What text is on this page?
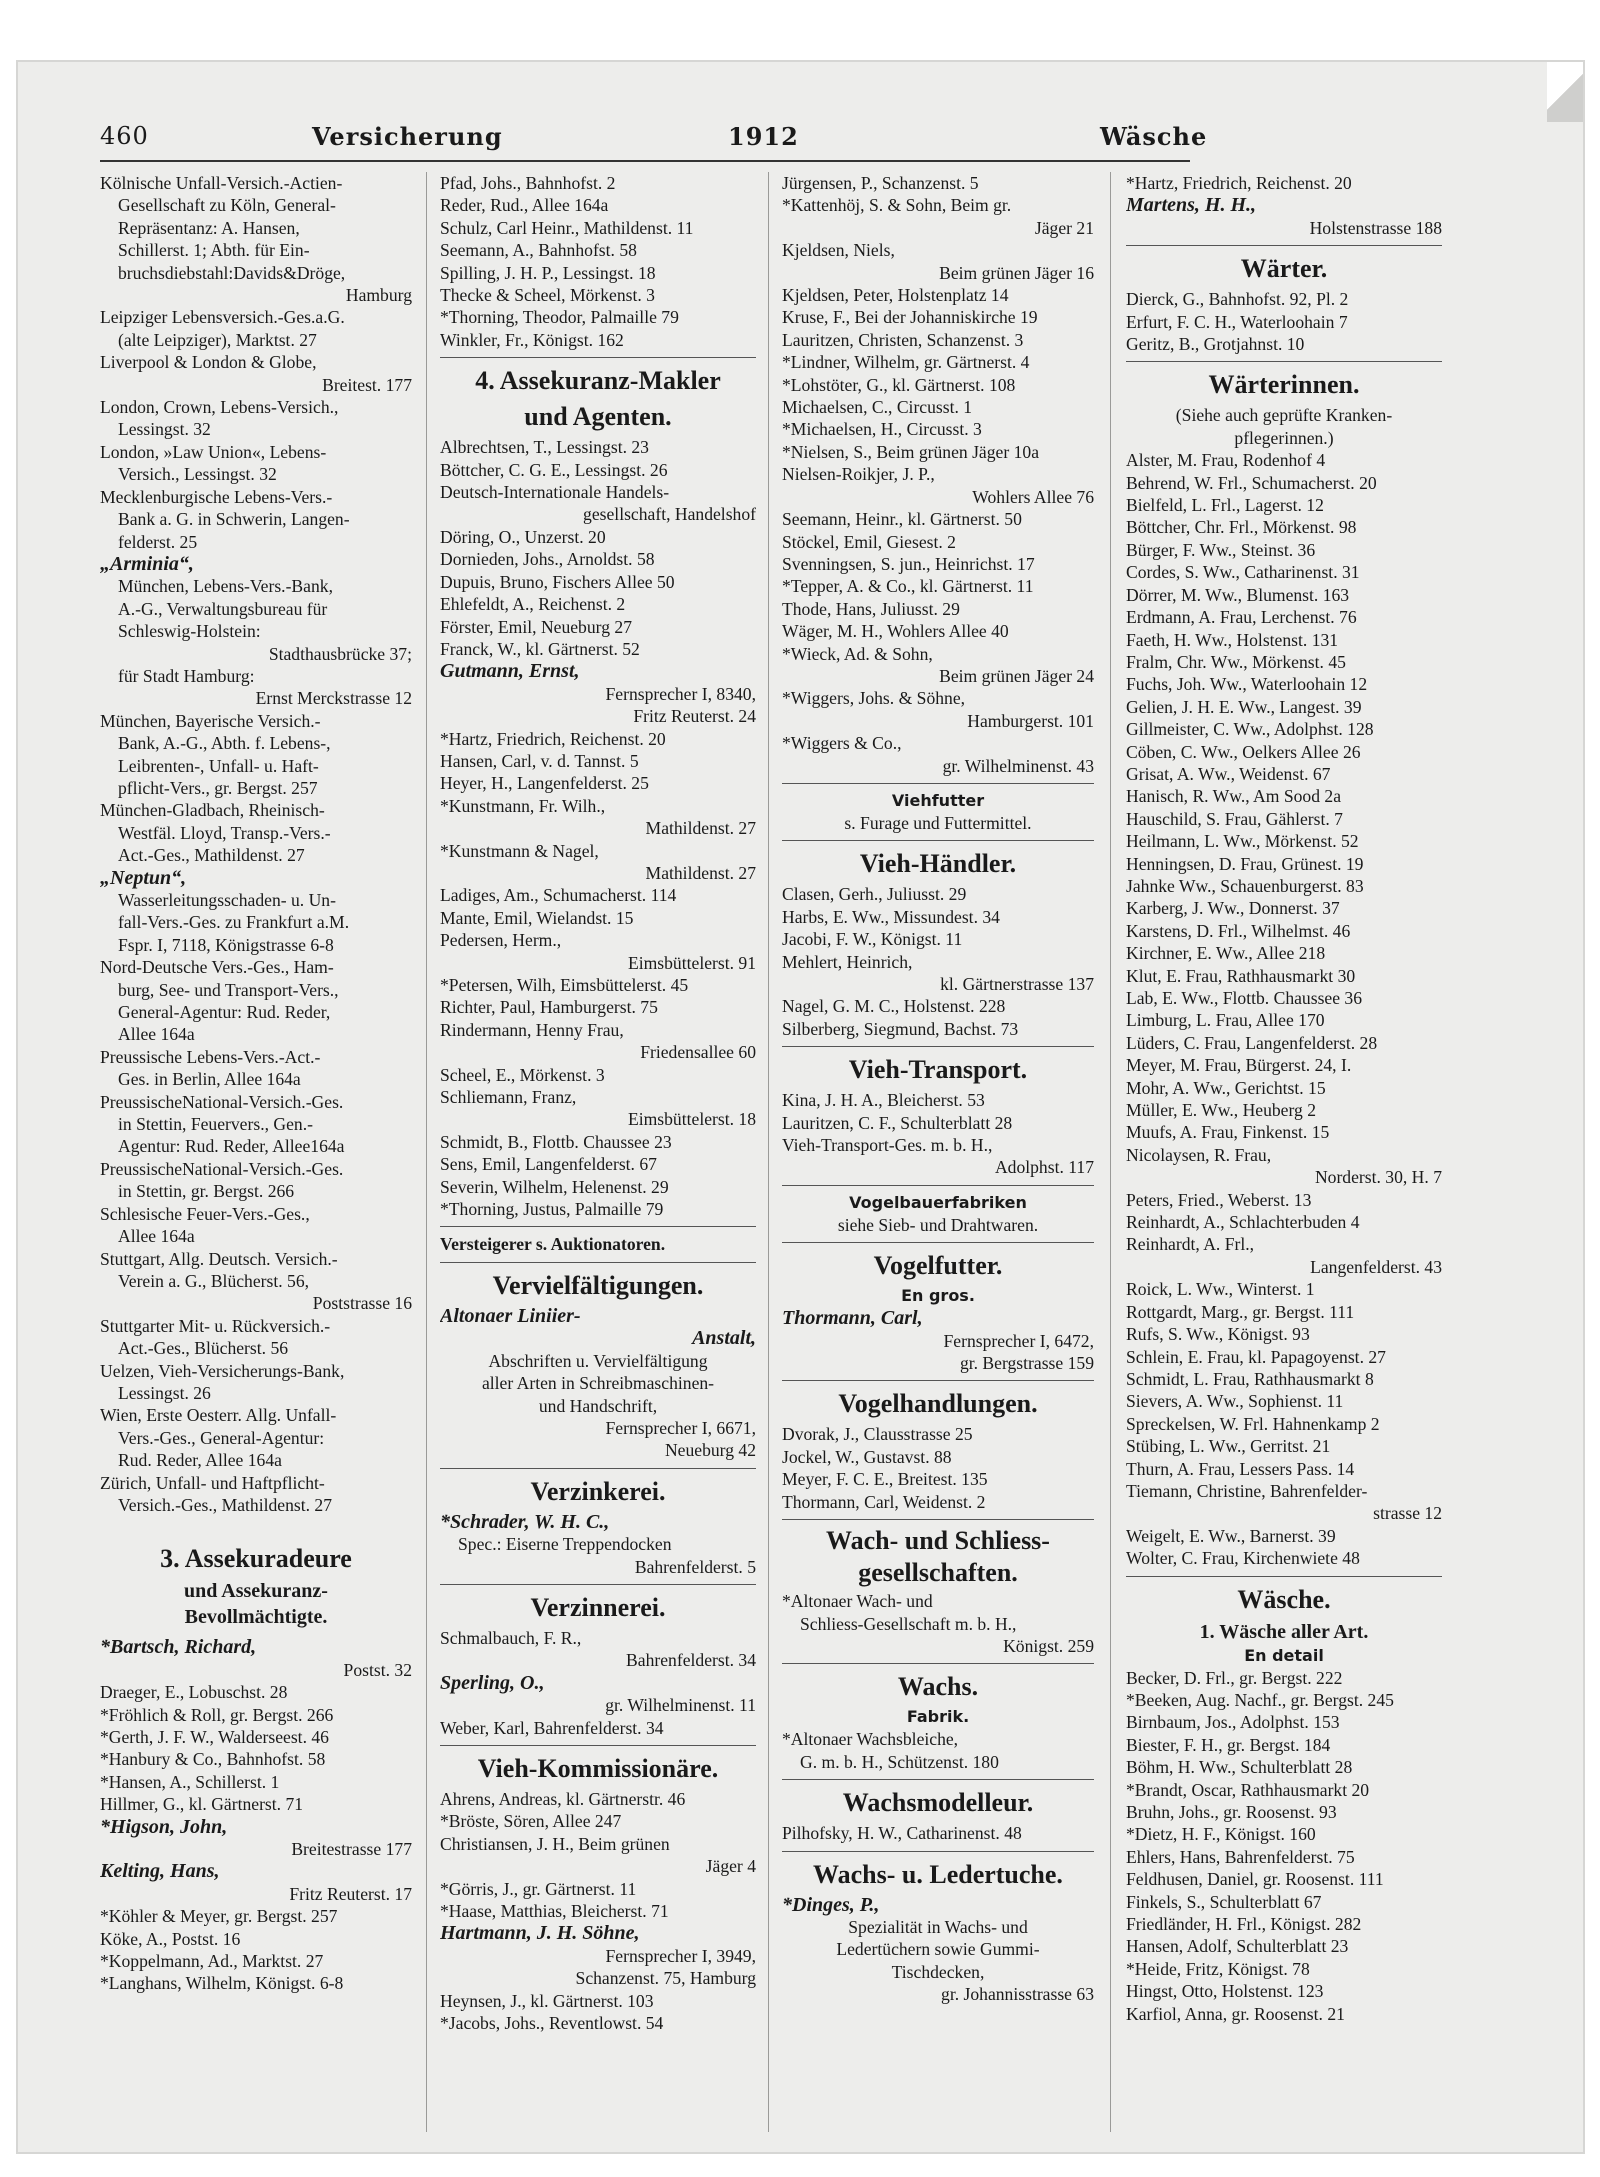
460	Versicherung	1912	Wäsche
Kölnische Unfall-Versich.-Actien-
Gesellschaft zu Köln, General-
Repräsentanz: A. Hansen,
Schillerst. 1; Abth. für Ein-
bruchsdiebstahl:Davids&Dröge,
Hamburg
Leipziger Lebensversich.-Ges.a.G.
(alte Leipziger), Marktst. 27
Liverpool & London & Globe,
Breitest. 177
London, Crown, Lebens-Versich.,
Lessingst. 32
London, »Law Union«, Lebens-
Versich., Lessingst. 32
Mecklenburgische Lebens-Vers.-
Bank a. G. in Schwerin, Langen-
felderst. 25
„Arminia“,
München, Lebens-Vers.-Bank,
A.-G., Verwaltungsbureau für
Schleswig-Holstein:
Stadthausbrücke 37;
für Stadt Hamburg:
Ernst Merckstrasse 12
München, Bayerische Versich.-
Bank, A.-G., Abth. f. Lebens-,
Leibrenten-, Unfall- u. Haft-
pflicht-Vers., gr. Bergst. 257
München-Gladbach, Rheinisch-
Westfäl. Lloyd, Transp.-Vers.-
Act.-Ges., Mathildenst. 27
„Neptun“,
Wasserleitungsschaden- u. Un-
fall-Vers.-Ges. zu Frankfurt a.M.
Fspr. I, 7118, Königstrasse 6-8
Nord-Deutsche Vers.-Ges., Ham-
burg, See- und Transport-Vers.,
General-Agentur: Rud. Reder,
Allee 164a
Preussische Lebens-Vers.-Act.-
Ges. in Berlin, Allee 164a
PreussischeNational-Versich.-Ges.
in Stettin, Feuervers., Gen.-
Agentur: Rud. Reder, Allee164a
PreussischeNational-Versich.-Ges.
in Stettin, gr. Bergst. 266
Schlesische Feuer-Vers.-Ges.,
Allee 164a
Stuttgart, Allg. Deutsch. Versich.-
Verein a. G., Blücherst. 56,
Poststrasse 16
Stuttgarter Mit- u. Rückversich.-
Act.-Ges., Blücherst. 56
Uelzen, Vieh-Versicherungs-Bank,
Lessingst. 26
Wien, Erste Oesterr. Allg. Unfall-
Vers.-Ges., General-Agentur:
Rud. Reder, Allee 164a
Zürich, Unfall- und Haftpflicht-
Versich.-Ges., Mathildenst. 27
3. Assekuradeure
und Assekuranz-
Bevollmächtigte.
*Bartsch, Richard,
Postst. 32
Draeger, E., Lobuschst. 28
*Fröhlich & Roll, gr. Bergst. 266
*Gerth, J. F. W., Walderseest. 46
*Hanbury & Co., Bahnhofst. 58
*Hansen, A., Schillerst. 1
Hillmer, G., kl. Gärtnerst. 71
*Higson, John,
Breitestrasse 177
Kelting, Hans,
Fritz Reuterst. 17
*Köhler & Meyer, gr. Bergst. 257
Köke, A., Postst. 16
*Koppelmann, Ad., Marktst. 27
*Langhans, Wilhelm, Königst. 6-8
Pfad, Johs., Bahnhofst. 2
Reder, Rud., Allee 164a
Schulz, Carl Heinr., Mathildenst. 11
Seemann, A., Bahnhofst. 58
Spilling, J. H. P., Lessingst. 18
Thecke & Scheel, Mörkenst. 3
*Thorning, Theodor, Palmaille 79
Winkler, Fr., Königst. 162
4. Assekuranz-Makler
und Agenten.
Albrechtsen, T., Lessingst. 23
Böttcher, C. G. E., Lessingst. 26
Deutsch-Internationale Handels-
gesellschaft, Handelshof
Döring, O., Unzerst. 20
Dornieden, Johs., Arnoldst. 58
Dupuis, Bruno, Fischers Allee 50
Ehlefeldt, A., Reichenst. 2
Förster, Emil, Neueburg 27
Franck, W., kl. Gärtnerst. 52
Gutmann, Ernst,
Fernsprecher I, 8340,
Fritz Reuterst. 24
*Hartz, Friedrich, Reichenst. 20
Hansen, Carl, v. d. Tannst. 5
Heyer, H., Langenfelderst. 25
*Kunstmann, Fr. Wilh.,
Mathildenst. 27
*Kunstmann & Nagel,
Mathildenst. 27
Ladiges, Am., Schumacherst. 114
Mante, Emil, Wielandst. 15
Pedersen, Herm.,
Eimsbüttelerst. 91
*Petersen, Wilh, Eimsbüttelerst. 45
Richter, Paul, Hamburgerst. 75
Rindermann, Henny Frau,
Friedensallee 60
Scheel, E., Mörkenst. 3
Schliemann, Franz,
Eimsbüttelerst. 18
Schmidt, B., Flottb. Chaussee 23
Sens, Emil, Langenfelderst. 67
Severin, Wilhelm, Helenenst. 29
*Thorning, Justus, Palmaille 79
Versteigerer s. Auktionatoren.
Vervielfältigungen.
Altonaer Liniier-
Anstalt,
Abschriften u. Vervielfältigung
aller Arten in Schreibmaschinen-
und Handschrift,
Fernsprecher I, 6671,
Neueburg 42
Verzinkerei.
*Schrader, W. H. C.,
Spec.: Eiserne Treppendocken
Bahrenfelderst. 5
Verzinnerei.
Schmalbauch, F. R.,
Bahrenfelderst. 34
Sperling, O.,
gr. Wilhelminenst. 11
Weber, Karl, Bahrenfelderst. 34
Vieh-Kommissionäre.
Ahrens, Andreas, kl. Gärtnerstr. 46
*Bröste, Sören, Allee 247
Christiansen, J. H., Beim grünen
Jäger 4
*Görris, J., gr. Gärtnerst. 11
*Haase, Matthias, Bleicherst. 71
Hartmann, J. H. Söhne,
Fernsprecher I, 3949,
Schanzenst. 75, Hamburg
Heynsen, J., kl. Gärtnerst. 103
*Jacobs, Johs., Reventlowst. 54
Jürgensen, P., Schanzenst. 5
*Kattenhöj, S. & Sohn, Beim gr.
Jäger 21
Kjeldsen, Niels,
Beim grünen Jäger 16
Kjeldsen, Peter, Holstenplatz 14
Kruse, F., Bei der Johanniskirche 19
Lauritzen, Christen, Schanzenst. 3
*Lindner, Wilhelm, gr. Gärtnerst. 4
*Lohstöter, G., kl. Gärtnerst. 108
Michaelsen, C., Circusst. 1
*Michaelsen, H., Circusst. 3
*Nielsen, S., Beim grünen Jäger 10a
Nielsen-Roikjer, J. P.,
Wohlers Allee 76
Seemann, Heinr., kl. Gärtnerst. 50
Stöckel, Emil, Giesest. 2
Svenningsen, S. jun., Heinrichst. 17
*Tepper, A. & Co., kl. Gärtnerst. 11
Thode, Hans, Juliusst. 29
Wäger, M. H., Wohlers Allee 40
*Wieck, Ad. & Sohn,
Beim grünen Jäger 24
*Wiggers, Johs. & Söhne,
Hamburgerst. 101
*Wiggers & Co.,
gr. Wilhelminenst. 43
Viehfutter
s. Furage und Futtermittel.
Vieh-Händler.
Clasen, Gerh., Juliusst. 29
Harbs, E. Ww., Missundest. 34
Jacobi, F. W., Königst. 11
Mehlert, Heinrich,
kl. Gärtnerstrasse 137
Nagel, G. M. C., Holstenst. 228
Silberberg, Siegmund, Bachst. 73
Vieh-Transport.
Kina, J. H. A., Bleicherst. 53
Lauritzen, C. F., Schulterblatt 28
Vieh-Transport-Ges. m. b. H.,
Adolphst. 117
Vogelbauerfabriken
siehe Sieb- und Drahtwaren.
Vogelfutter.
En gros.
Thormann, Carl,
Fernsprecher I, 6472,
gr. Bergstrasse 159
Vogelhandlungen.
Dvorak, J., Clausstrasse 25
Jockel, W., Gustavst. 88
Meyer, F. C. E., Breitest. 135
Thormann, Carl, Weidenst. 2
Wach- und Schliess-
gesellschaften.
*Altonaer Wach- und
Schliess-Gesellschaft m. b. H.,
Königst. 259
Wachs.
Fabrik.
*Altonaer Wachsbleiche,
G. m. b. H., Schützenst. 180
Wachsmodelleur.
Pilhofsky, H. W., Catharinenst. 48
Wachs- u. Ledertuche.
*Dinges, P.,
Spezialität in Wachs- und
Ledertüchern sowie Gummi-
Tischdecken,
gr. Johannisstrasse 63
*Hartz, Friedrich, Reichenst. 20
Martens, H. H.,
Holstenstrasse 188
Wärter.
Dierck, G., Bahnhofst. 92, Pl. 2
Erfurt, F. C. H., Waterloohain 7
Geritz, B., Grotjahnst. 10
Wärterinnen.
(Siehe auch geprüfte Kranken-
pflegerinnen.)
Alster, M. Frau, Rodenhof 4
Behrend, W. Frl., Schumacherst. 20
Bielfeld, L. Frl., Lagerst. 12
Böttcher, Chr. Frl., Mörkenst. 98
Bürger, F. Ww., Steinst. 36
Cordes, S. Ww., Catharinenst. 31
Dörrer, M. Ww., Blumenst. 163
Erdmann, A. Frau, Lerchenst. 76
Faeth, H. Ww., Holstenst. 131
Fralm, Chr. Ww., Mörkenst. 45
Fuchs, Joh. Ww., Waterloohain 12
Gelien, J. H. E. Ww., Langest. 39
Gillmeister, C. Ww., Adolphst. 128
Cöben, C. Ww., Oelkers Allee 26
Grisat, A. Ww., Weidenst. 67
Hanisch, R. Ww., Am Sood 2a
Hauschild, S. Frau, Gählerst. 7
Heilmann, L. Ww., Mörkenst. 52
Henningsen, D. Frau, Grünest. 19
Jahnke Ww., Schauenburgerst. 83
Karberg, J. Ww., Donnerst. 37
Karstens, D. Frl., Wilhelmst. 46
Kirchner, E. Ww., Allee 218
Klut, E. Frau, Rathhausmarkt 30
Lab, E. Ww., Flottb. Chaussee 36
Limburg, L. Frau, Allee 170
Lüders, C. Frau, Langenfelderst. 28
Meyer, M. Frau, Bürgerst. 24, I.
Mohr, A. Ww., Gerichtst. 15
Müller, E. Ww., Heuberg 2
Muufs, A. Frau, Finkenst. 15
Nicolaysen, R. Frau,
Norderst. 30, H. 7
Peters, Fried., Weberst. 13
Reinhardt, A., Schlachterbuden 4
Reinhardt, A. Frl.,
Langenfelderst. 43
Roick, L. Ww., Winterst. 1
Rottgardt, Marg., gr. Bergst. 111
Rufs, S. Ww., Königst. 93
Schlein, E. Frau, kl. Papagoyenst. 27
Schmidt, L. Frau, Rathhausmarkt 8
Sievers, A. Ww., Sophienst. 11
Spreckelsen, W. Frl. Hahnenkamp 2
Stübing, L. Ww., Gerritst. 21
Thurn, A. Frau, Lessers Pass. 14
Tiemann, Christine, Bahrenfelder-
strasse 12
Weigelt, E. Ww., Barnerst. 39
Wolter, C. Frau, Kirchenwiete 48
Wäsche.
1. Wäsche aller Art.
En detail
Becker, D. Frl., gr. Bergst. 222
*Beeken, Aug. Nachf., gr. Bergst. 245
Birnbaum, Jos., Adolphst. 153
Biester, F. H., gr. Bergst. 184
Böhm, H. Ww., Schulterblatt 28
*Brandt, Oscar, Rathhausmarkt 20
Bruhn, Johs., gr. Roosenst. 93
*Dietz, H. F., Königst. 160
Ehlers, Hans, Bahrenfelderst. 75
Feldhusen, Daniel, gr. Roosenst. 111
Finkels, S., Schulterblatt 67
Friedländer, H. Frl., Königst. 282
Hansen, Adolf, Schulterblatt 23
*Heide, Fritz, Königst. 78
Hingst, Otto, Holstenst. 123
Karfiol, Anna, gr. Roosenst. 21
